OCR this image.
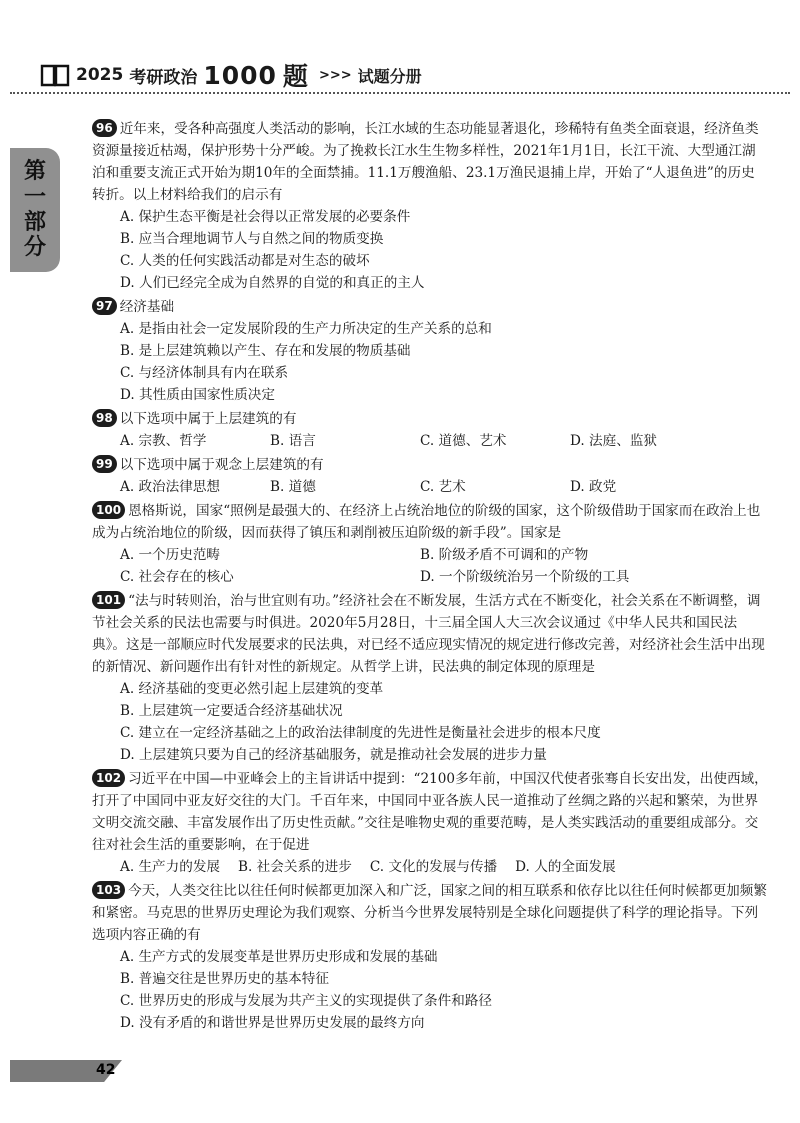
2025 考研政治 1000 题 >>> 试题分册
第
一
部
分
96 近年来，受各种高强度人类活动的影响，长江水域的生态功能显著退化，珍稀特有鱼类全面衰退，经济鱼类资源量接近枯竭，保护形势十分严峻。为了挽救长江水生生物多样性，2021年1月1日，长江干流、大型通江湖泊和重要支流正式开始为期10年的全面禁捕。11.1万艘渔船、23.1万渔民退捕上岸，开始了“人退鱼进”的历史转折。以上材料给我们的启示有
A. 保护生态平衡是社会得以正常发展的必要条件
B. 应当合理地调节人与自然之间的物质变换
C. 人类的任何实践活动都是对生态的破坏
D. 人们已经完全成为自然界的自觉的和真正的主人
97 经济基础
A. 是指由社会一定发展阶段的生产力所决定的生产关系的总和
B. 是上层建筑赖以产生、存在和发展的物质基础
C. 与经济体制具有内在联系
D. 其性质由国家性质决定
98 以下选项中属于上层建筑的有
A. 宗教、哲学	B. 语言	C. 道德、艺术	D. 法庭、监狱
99 以下选项中属于观念上层建筑的有
A. 政治法律思想	B. 道德	C. 艺术	D. 政党
100 恩格斯说，国家“照例是最强大的、在经济上占统治地位的阶级的国家，这个阶级借助于国家而在政治上也成为占统治地位的阶级，因而获得了镇压和剥削被压迫阶级的新手段”。国家是
A. 一个历史范畴	B. 阶级矛盾不可调和的产物
C. 社会存在的核心	D. 一个阶级统治另一个阶级的工具
101 “法与时转则治，治与世宜则有功。”经济社会在不断发展，生活方式在不断变化，社会关系在不断调整，调节社会关系的民法也需要与时俱进。2020年5月28日，十三届全国人大三次会议通过《中华人民共和国民法典》。这是一部顺应时代发展要求的民法典，对已经不适应现实情况的规定进行修改完善，对经济社会生活中出现的新情况、新问题作出有针对性的新规定。从哲学上讲，民法典的制定体现的原理是
A. 经济基础的变更必然引起上层建筑的变革
B. 上层建筑一定要适合经济基础状况
C. 建立在一定经济基础之上的政治法律制度的先进性是衡量社会进步的根本尺度
D. 上层建筑只要为自己的经济基础服务，就是推动社会发展的进步力量
102 习近平在中国—中亚峰会上的主旨讲话中提到：“2100多年前，中国汉代使者张骞自长安出发，出使西域，打开了中国同中亚友好交往的大门。千百年来，中国同中亚各族人民一道推动了丝绸之路的兴起和繁荣，为世界文明交流交融、丰富发展作出了历史性贡献。”交往是唯物史观的重要范畴，是人类实践活动的重要组成部分。交往对社会生活的重要影响，在于促进
A. 生产力的发展 B. 社会关系的进步 C. 文化的发展与传播 D. 人的全面发展
103 今天，人类交往比以往任何时候都更加深入和广泛，国家之间的相互联系和依存比以往任何时候都更加频繁和紧密。马克思的世界历史理论为我们观察、分析当今世界发展特别是全球化问题提供了科学的理论指导。下列选项内容正确的有
A. 生产方式的发展变革是世界历史形成和发展的基础
B. 普遍交往是世界历史的基本特征
C. 世界历史的形成与发展为共产主义的实现提供了条件和路径
D. 没有矛盾的和谐世界是世界历史发展的最终方向
42
